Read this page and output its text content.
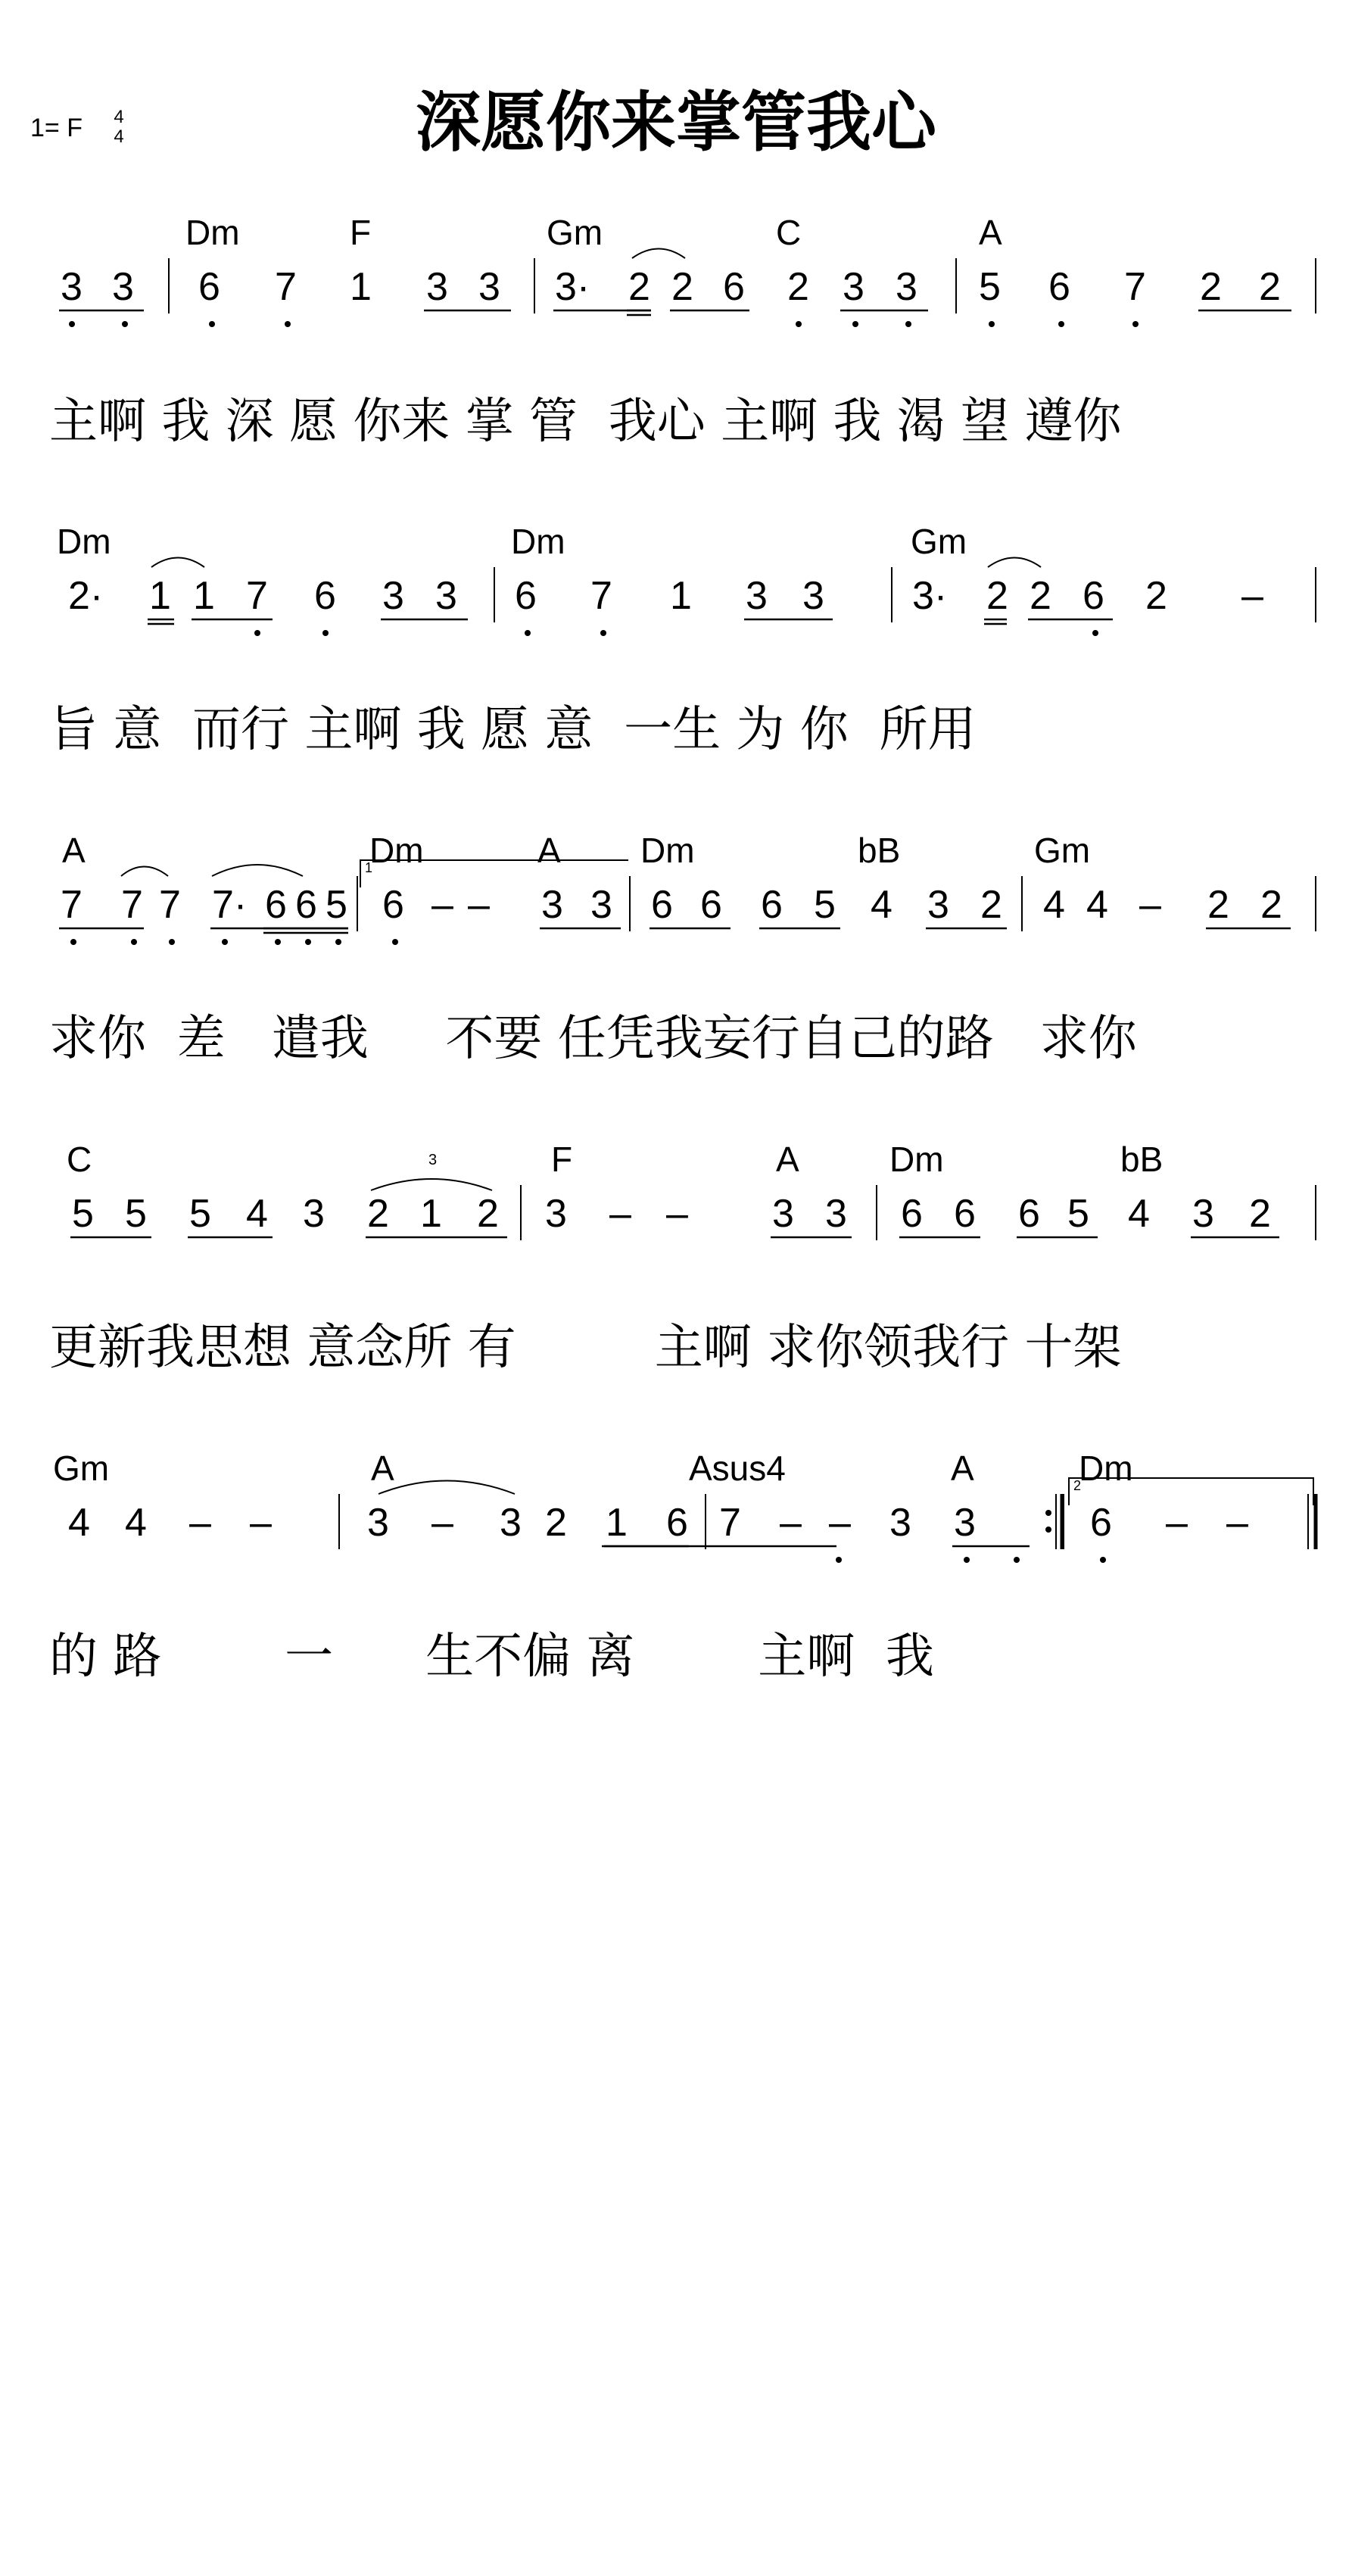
1= F	4
4	深愿你来掌管我心
Dm	F	Gm	C	A
3 3 6 7 1 3 3 3· 2 2 6 2 3 3 5 6 7 2 2
Dm	Dm	Gm
2· 1 1 7 6 3 3 6 7 1 3 3 3· 2 2 6 2 –
A	Dm	A Dm	bB	Gm
7 7 7 7· 6 6 5 6 – – 3 3 6 6 6 5 4 3 2 4 4 – 2 2
1
C	F	A	Dm	bB
5 5 5 4 3 2 1 2 3 – – 3 3 6 6 6 5 4 3 2
3
Gm	A	Asus4	A	Dm
4 4 – – 3 – 3 2 1 6 7 – – 3 3	6 – –
2
主啊 我 深 愿 你来 掌 管  我心 主啊 我 渴 望 遵你
旨 意  而行 主啊 我 愿 意  一生 为 你  所用
求你  差   遣我     不要 任凭我妄行自己的路   求你
更新我思想 意念所 有         主啊 求你领我行 十架
的 路        一      生不偏 离        主啊  我
